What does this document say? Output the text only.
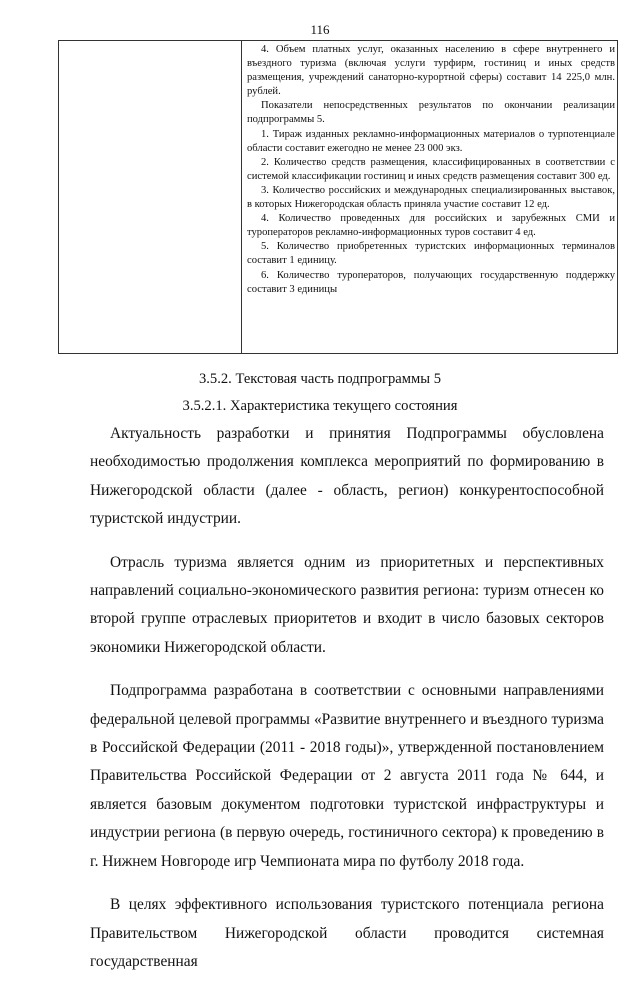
116

4. Объем платных услуг, оказанных населению в сфере внутреннего и въездного туризма (включая услуги турфирм, гостиниц и иных средств размещения, учреждений санаторно-курортной сферы) составит 14 225,0 млн. рублей.

Показатели непосредственных результатов по окончании реализации подпрограммы 5.

1. Тираж изданных рекламно-информационных материалов о турпотенциале области составит ежегодно не менее 23 000 экз.

2. Количество средств размещения, классифицированных в соответствии с системой классификации гостиниц и иных средств размещения составит 300 ед.

3. Количество российских и международных специализированных выставок, в которых Нижегородская область приняла участие составит 12 ед.

4. Количество проведенных для российских и зарубежных СМИ и туроператоров рекламно-информационных туров составит 4 ед.

5. Количество приобретенных туристских информационных терминалов составит 1 единицу.

6. Количество туроператоров, получающих государственную поддержку составит 3 единицы

3.5.2. Текстовая часть подпрограммы 5
3.5.2.1. Характеристика текущего состояния

Актуальность разработки и принятия Подпрограммы обусловлена необходимостью продолжения комплекса мероприятий по формированию в Нижегородской области (далее - область, регион) конкурентоспособной туристской индустрии.

Отрасль туризма является одним из приоритетных и перспективных направлений социально-экономического развития региона: туризм отнесен ко второй группе отраслевых приоритетов и входит в число базовых секторов экономики Нижегородской области.

Подпрограмма разработана в соответствии с основными направлениями федеральной целевой программы «Развитие внутреннего и въездного туризма в Российской Федерации (2011 - 2018 годы)», утвержденной постановлением Правительства Российской Федерации от 2 августа 2011 года № 644, и является базовым документом подготовки туристской инфраструктуры и индустрии региона (в первую очередь, гостиничного сектора) к проведению в г. Нижнем Новгороде игр Чемпионата мира по футболу 2018 года.

В целях эффективного использования туристского потенциала региона Правительством Нижегородской области проводится системная государственная
